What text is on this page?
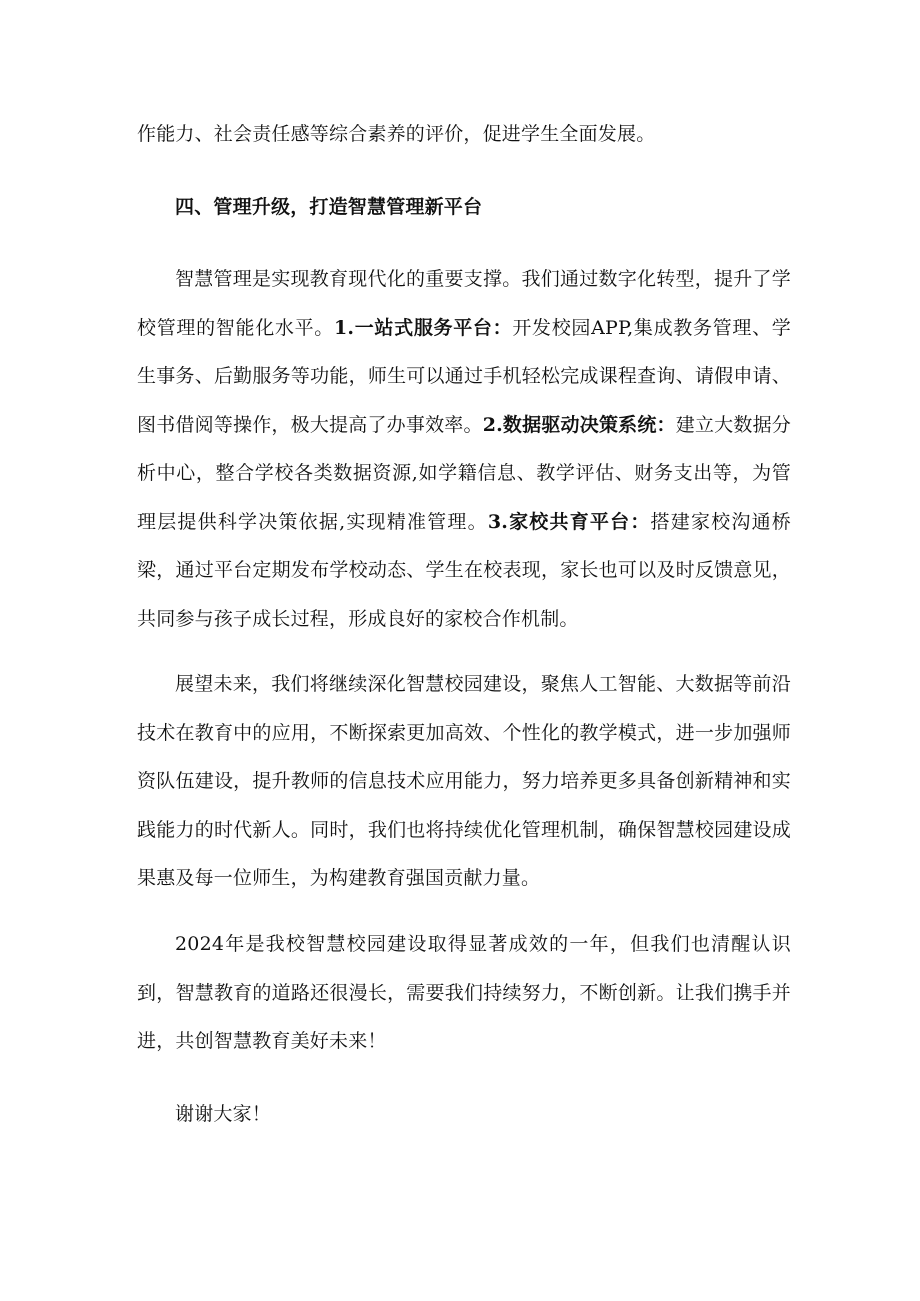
作能力、社会责任感等综合素养的评价，促进学生全面发展。
四、管理升级，打造智慧管理新平台
智慧管理是实现教育现代化的重要支撑。我们通过数字化转型，提升了学校管理的智能化水平。1.一站式服务平台：开发校园APP,集成教务管理、学生事务、后勤服务等功能，师生可以通过手机轻松完成课程查询、请假申请、图书借阅等操作，极大提高了办事效率。2.数据驱动决策系统：建立大数据分析中心，整合学校各类数据资源,如学籍信息、教学评估、财务支出等，为管理层提供科学决策依据,实现精准管理。3.家校共育平台：搭建家校沟通桥梁，通过平台定期发布学校动态、学生在校表现，家长也可以及时反馈意见，共同参与孩子成长过程，形成良好的家校合作机制。
展望未来，我们将继续深化智慧校园建设，聚焦人工智能、大数据等前沿技术在教育中的应用，不断探索更加高效、个性化的教学模式，进一步加强师资队伍建设，提升教师的信息技术应用能力，努力培养更多具备创新精神和实践能力的时代新人。同时，我们也将持续优化管理机制，确保智慧校园建设成果惠及每一位师生，为构建教育强国贡献力量。
2024年是我校智慧校园建设取得显著成效的一年，但我们也清醒认识到，智慧教育的道路还很漫长，需要我们持续努力，不断创新。让我们携手并进，共创智慧教育美好未来！
谢谢大家！
